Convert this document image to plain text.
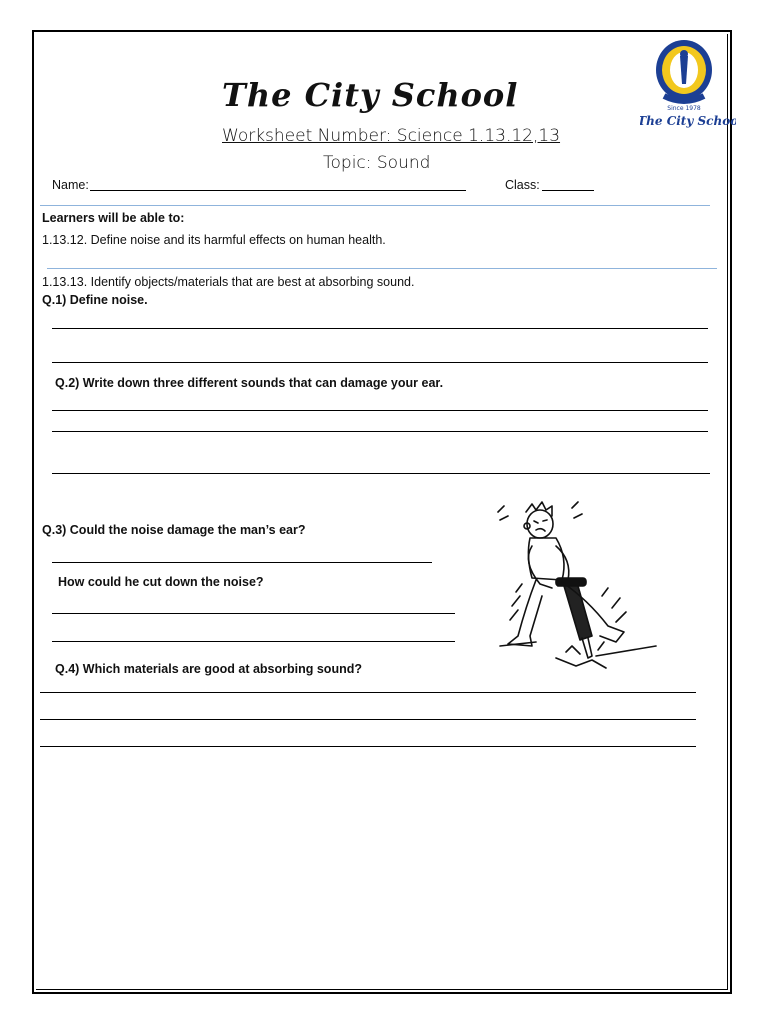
The City School
Worksheet Number: Science 1.13.12,13
Topic: Sound
Since 1978
The City School
Name:	Class:
Learners will be able to:
1.13.12. Define noise and its harmful effects on human health.
1.13.13. Identify objects/materials that are best at absorbing sound.
Q.1) Define noise.
Q.2) Write down three different sounds that can damage your ear.
Q.3) Could the noise damage the man’s ear?
How could he cut down the noise?
Q.4) Which materials are good at absorbing sound?
